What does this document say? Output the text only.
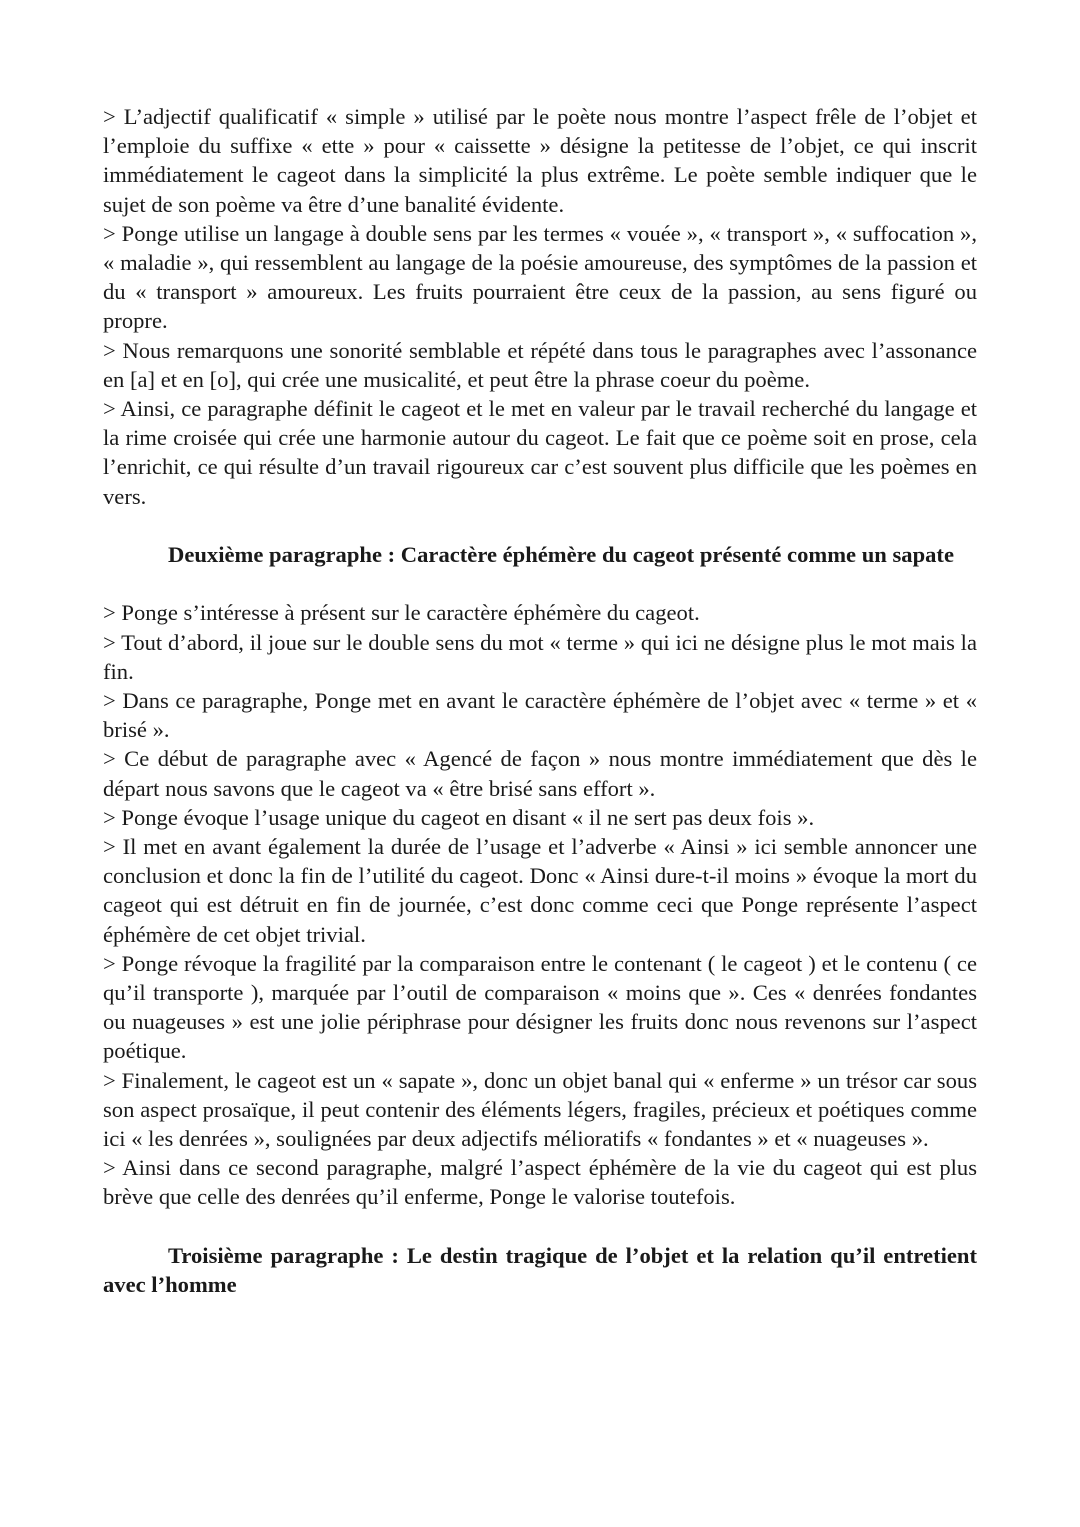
> L’adjectif qualificatif « simple » utilisé par le poète nous montre l’aspect frêle de l’objet et l’emploie du suffixe « ette » pour « caissette » désigne la petitesse de l’objet, ce qui inscrit immédiatement le cageot dans la simplicité la plus extrême. Le poète semble indiquer que le sujet de son poème va être d’une banalité évidente.

> Ponge utilise un langage à double sens par les termes « vouée », « transport », « suffocation », « maladie », qui ressemblent au langage de la poésie amoureuse, des symptômes de la passion et du « transport » amoureux. Les fruits pourraient être ceux de la passion, au sens figuré ou propre.

> Nous remarquons une sonorité semblable et répété dans tous le paragraphes avec l’assonance en [a] et en [o], qui crée une musicalité, et peut être la phrase coeur du poème.

> Ainsi, ce paragraphe définit le cageot et le met en valeur par le travail recherché du langage et la rime croisée qui crée une harmonie autour du cageot. Le fait que ce poème soit en prose, cela l’enrichit, ce qui résulte d’un travail rigoureux car c’est souvent plus difficile que les poèmes en vers.

Deuxième paragraphe : Caractère éphémère du cageot présenté comme un sapate

> Ponge s’intéresse à présent sur le caractère éphémère du cageot.

> Tout d’abord, il joue sur le double sens du mot « terme » qui ici ne désigne plus le mot mais la fin.

> Dans ce paragraphe, Ponge met en avant le caractère éphémère de l’objet avec « terme » et « brisé ».

> Ce début de paragraphe avec « Agencé de façon » nous montre immédiatement que dès le départ nous savons que le cageot va « être brisé sans effort ».

> Ponge évoque l’usage unique du cageot en disant « il ne sert pas deux fois ».

> Il met en avant également la durée de l’usage et l’adverbe « Ainsi » ici semble annoncer une conclusion et donc la fin de l’utilité du cageot. Donc « Ainsi dure-t-il moins » évoque la mort du cageot qui est détruit en fin de journée, c’est donc comme ceci que Ponge représente l’aspect éphémère de cet objet trivial.

> Ponge révoque la fragilité par la comparaison entre le contenant ( le cageot ) et le contenu ( ce qu’il transporte ), marquée par l’outil de comparaison « moins que ». Ces « denrées fondantes ou nuageuses » est une jolie périphrase pour désigner les fruits donc nous revenons sur l’aspect poétique.

> Finalement, le cageot est un « sapate », donc un objet banal qui « enferme » un trésor car sous son aspect prosaïque, il peut contenir des éléments légers, fragiles, précieux et poétiques comme ici « les denrées », soulignées par deux adjectifs mélioratifs « fondantes » et « nuageuses ».

> Ainsi dans ce second paragraphe, malgré l’aspect éphémère de la vie du cageot qui est plus brève que celle des denrées qu’il enferme, Ponge le valorise toutefois.

Troisième paragraphe : Le destin tragique de l’objet et la relation qu’il entretient avec l’homme
